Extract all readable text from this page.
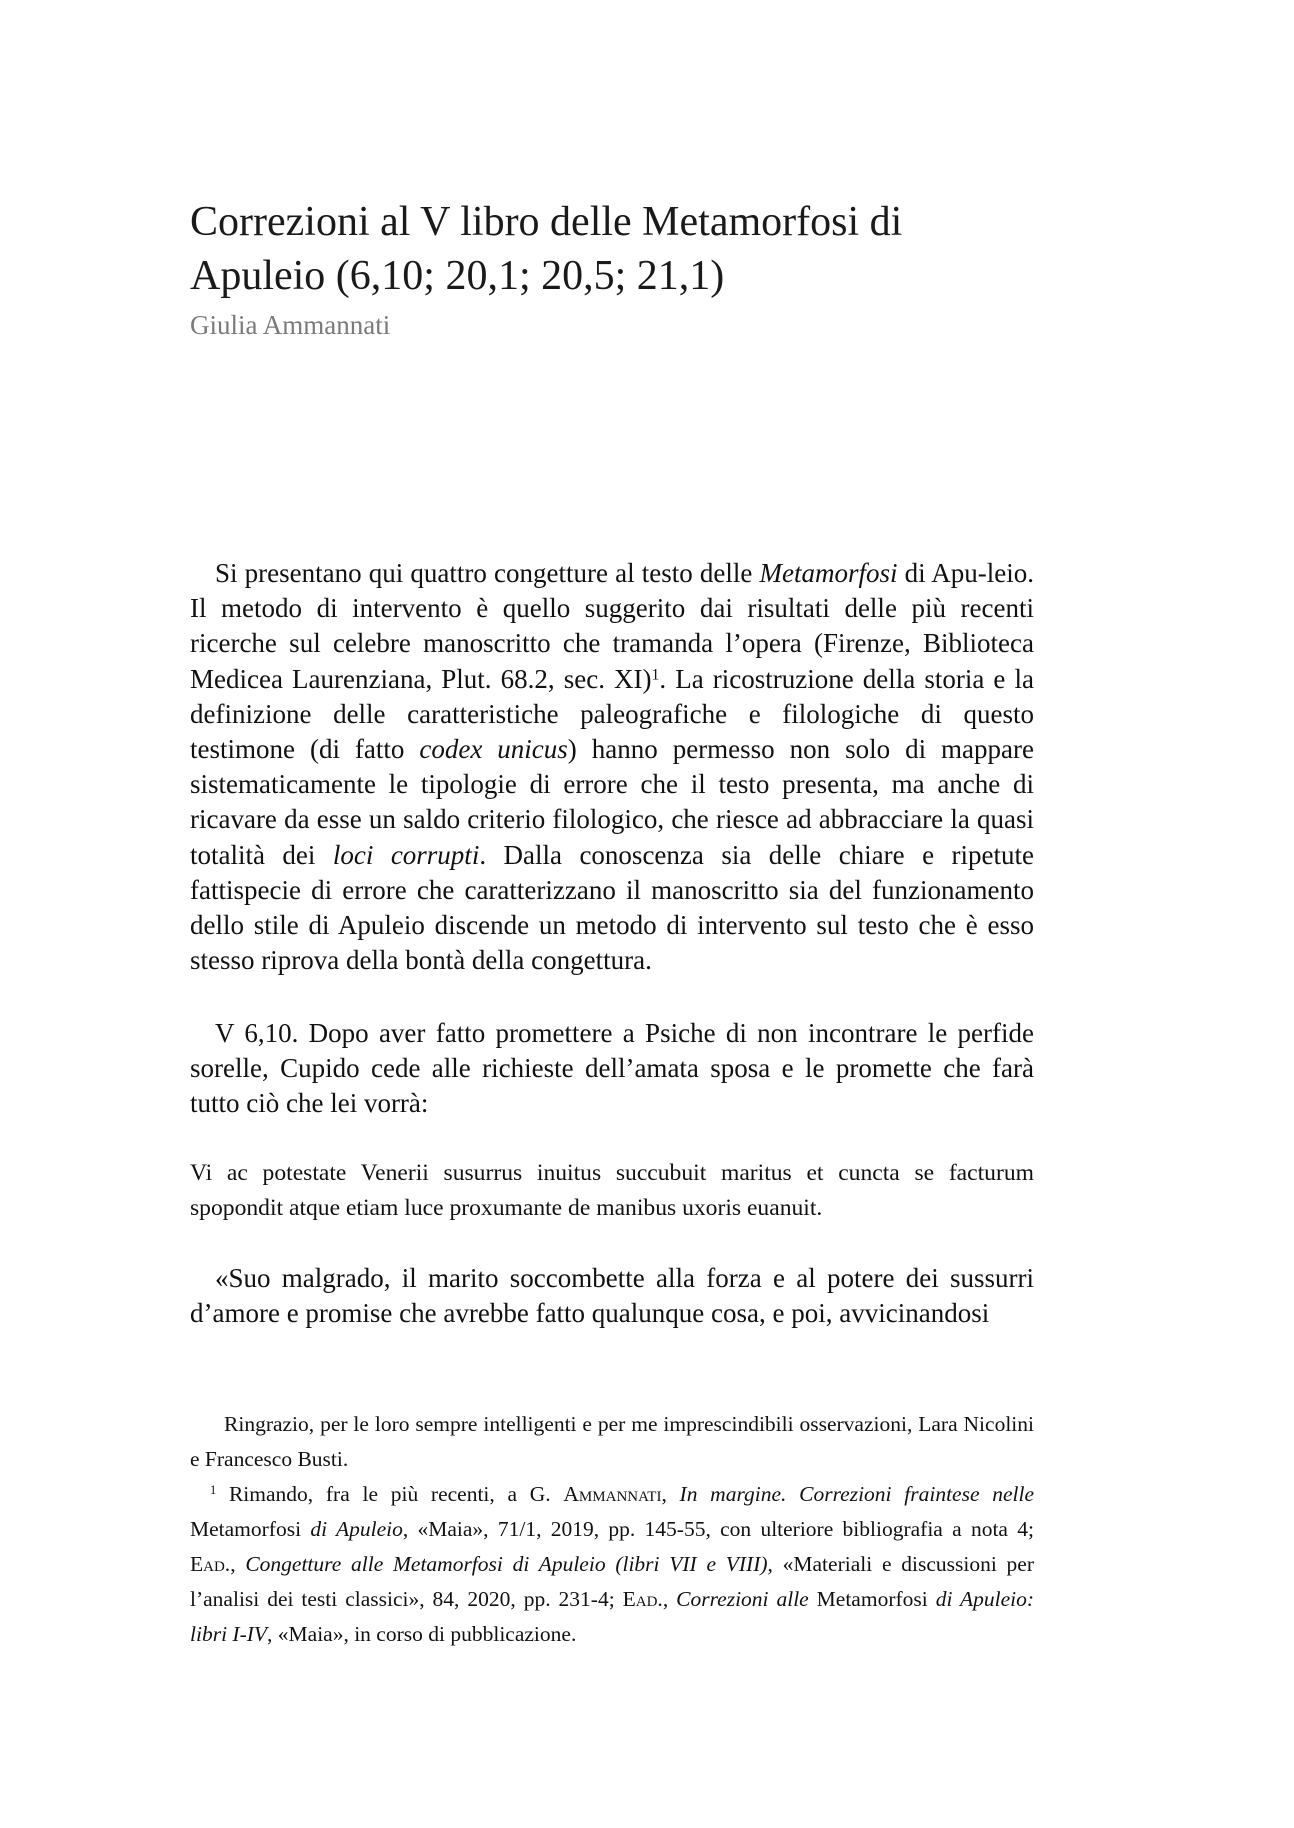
Correzioni al V libro delle Metamorfosi di
Apuleio (6,10; 20,1; 20,5; 21,1)
Giulia Ammannati

Si presentano qui quattro congetture al testo delle Metamorfosi di Apu-leio. Il metodo di intervento è quello suggerito dai risultati delle più recenti ricerche sul celebre manoscritto che tramanda l’opera (Firenze, Biblioteca Medicea Laurenziana, Plut. 68.2, sec. XI)$^1$. La ricostruzione della storia e la definizione delle caratteristiche paleografiche e filologiche di questo testimone (di fatto codex unicus) hanno permesso non solo di mappare sistematicamente le tipologie di errore che il testo presenta, ma anche di ricavare da esse un saldo criterio filologico, che riesce ad abbracciare la quasi totalità dei loci corrupti. Dalla conoscenza sia delle chiare e ripetute fattispecie di errore che caratterizzano il manoscritto sia del funzionamento dello stile di Apuleio discende un metodo di intervento sul testo che è esso stesso riprova della bontà della congettura.

V 6,10. Dopo aver fatto promettere a Psiche di non incontrare le perfide sorelle, Cupido cede alle richieste dell’amata sposa e le promette che farà tutto ciò che lei vorrà:

Vi ac potestate Venerii susurrus inuitus succubuit maritus et cuncta se facturum spopondit atque etiam luce proxumante de manibus uxoris euanuit.

«Suo malgrado, il marito soccombette alla forza e al potere dei sussurri d’amore e promise che avrebbe fatto qualunque cosa, e poi, avvicinandosi

Ringrazio, per le loro sempre intelligenti e per me imprescindibili osservazioni, Lara Nicolini e Francesco Busti.

$^1$ Rimando, fra le più recenti, a G. Ammannati, In margine. Correzioni fraintese nelle Metamorfosi di Apuleio, «Maia», 71/1, 2019, pp. 145-55, con ulteriore bibliografia a nota 4; Ead., Congetture alle Metamorfosi di Apuleio (libri VII e VIII), «Materiali e discussioni per l’analisi dei testi classici», 84, 2020, pp. 231-4; Ead., Correzioni alle Metamorfosi di Apuleio: libri I-IV, «Maia», in corso di pubblicazione.
